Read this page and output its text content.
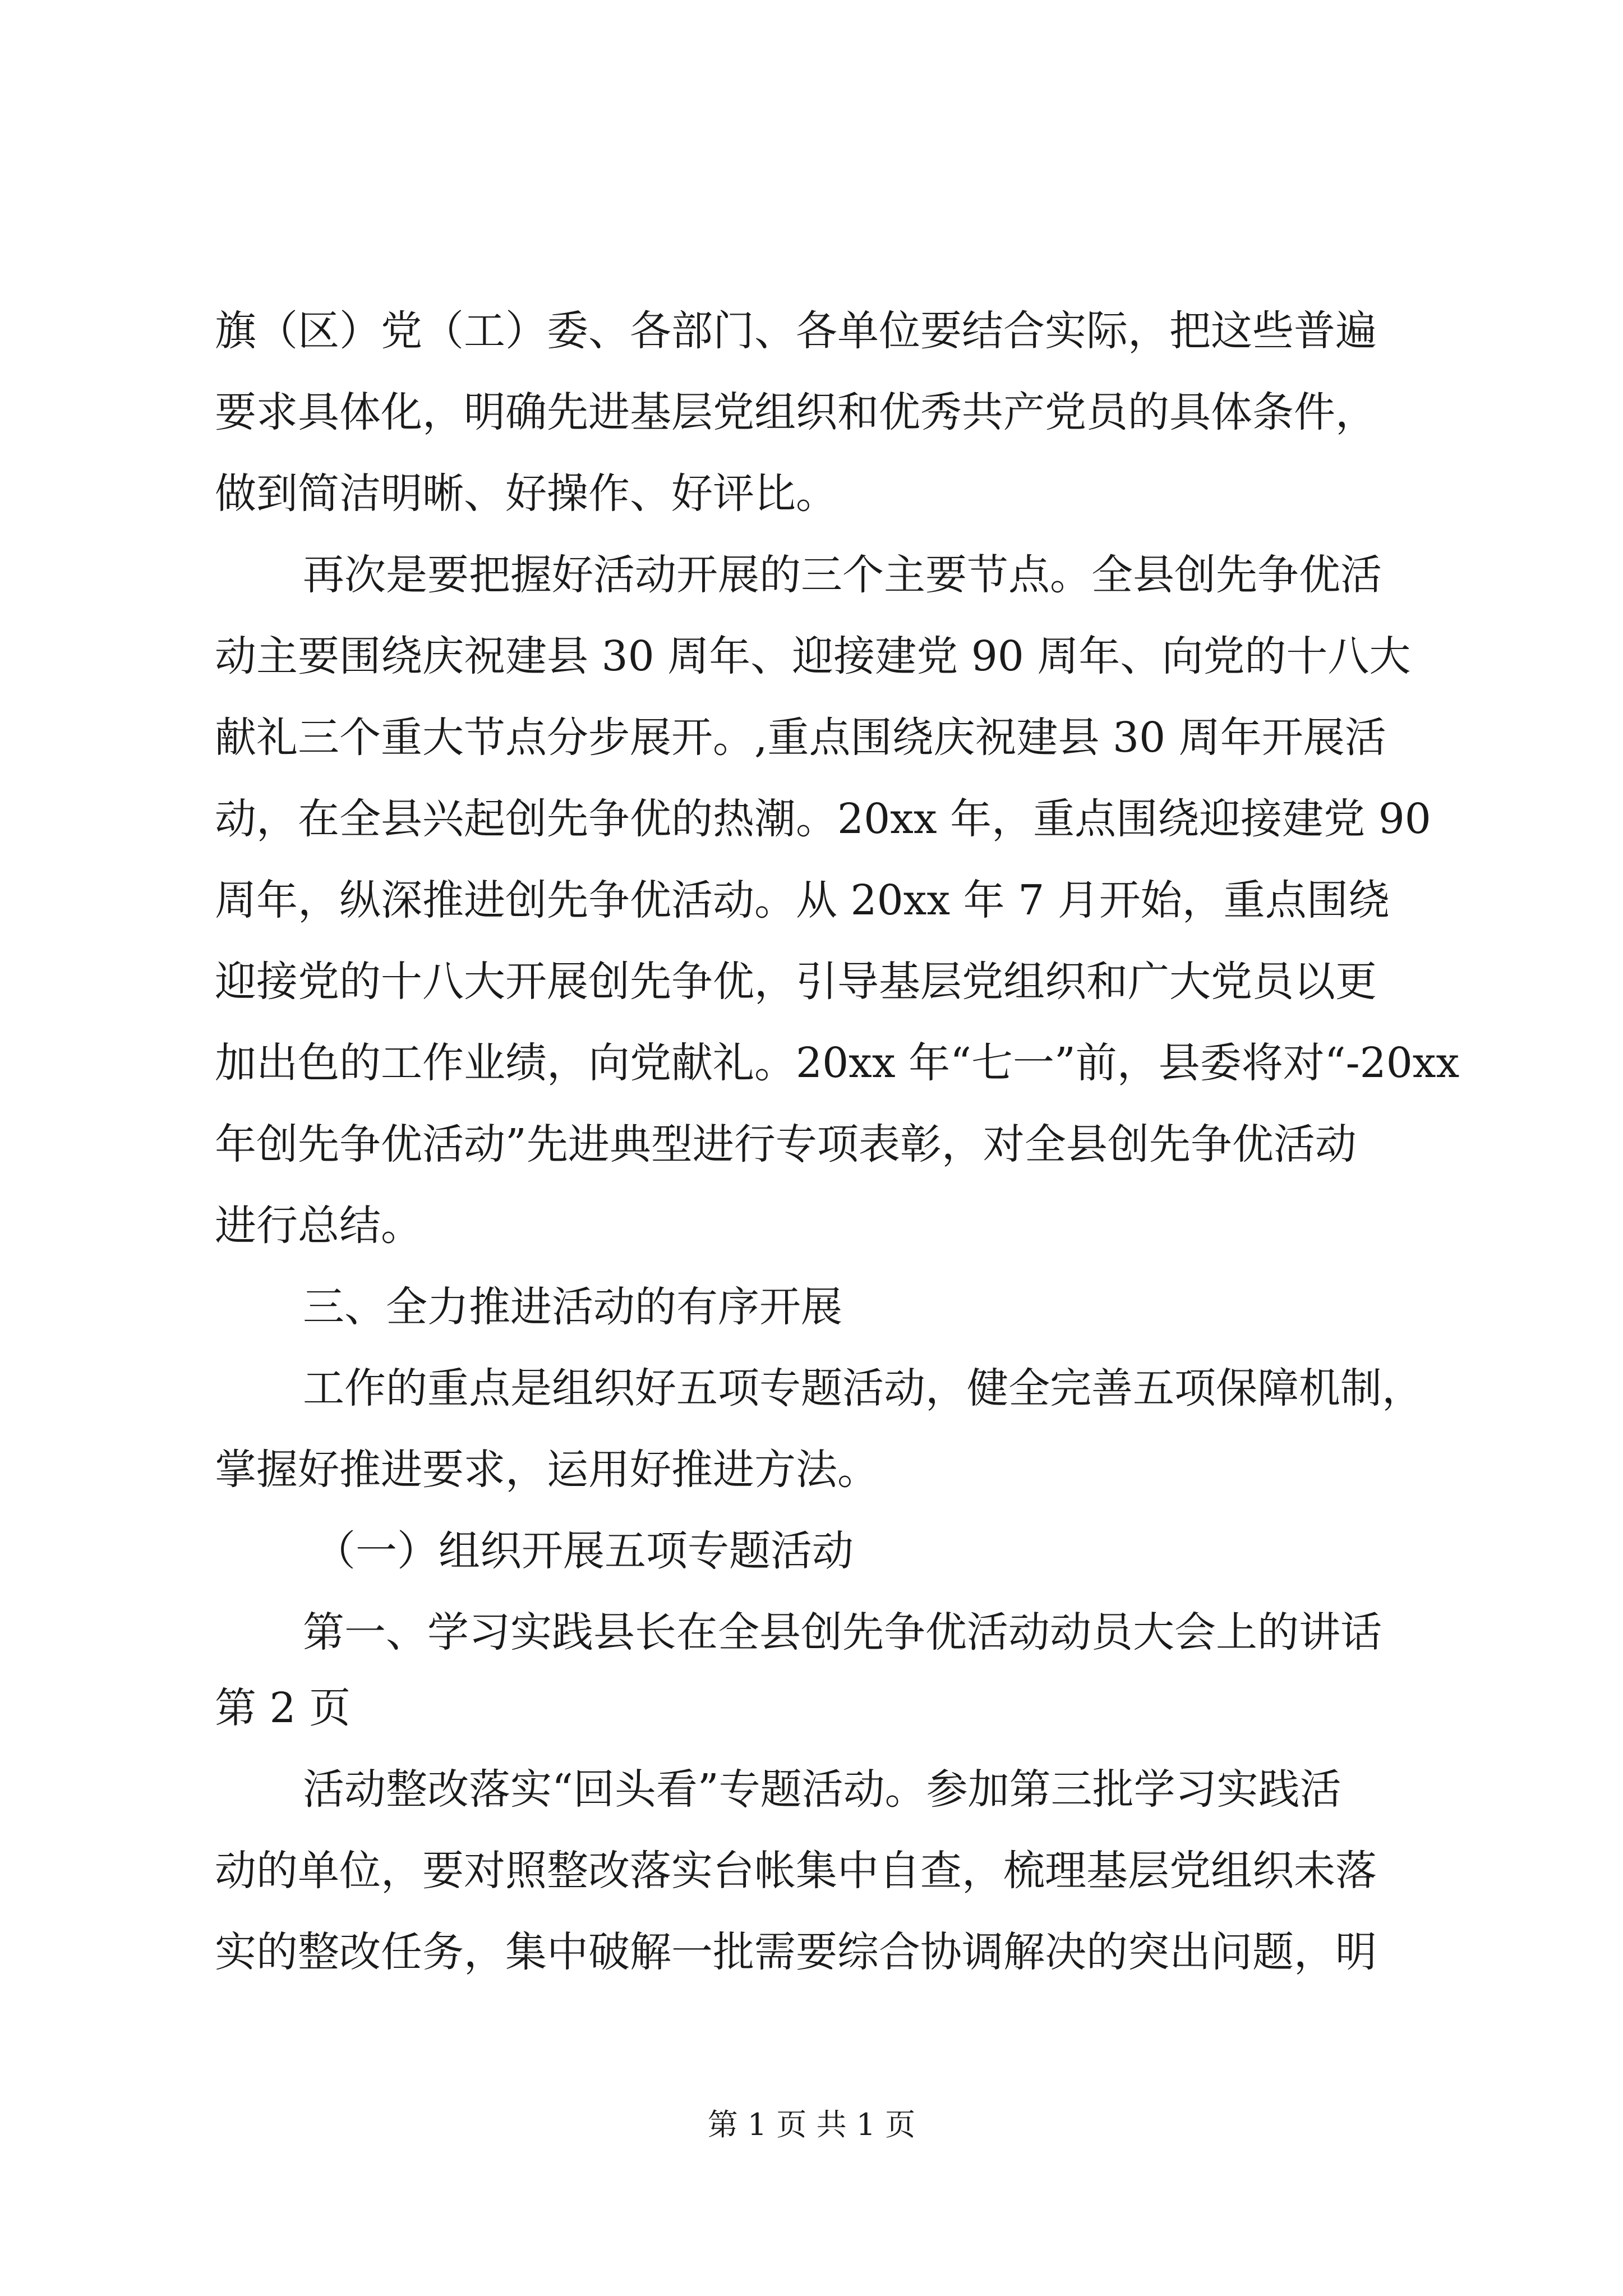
旗（区）党（工）委、各部门、各单位要结合实际，把这些普遍
要求具体化，明确先进基层党组织和优秀共产党员的具体条件，
做到简洁明晰、好操作、好评比。
再次是要把握好活动开展的三个主要节点。全县创先争优活
动主要围绕庆祝建县 30 周年、迎接建党 90 周年、向党的十八大
献礼三个重大节点分步展开。,重点围绕庆祝建县 30 周年开展活
动，在全县兴起创先争优的热潮。20xx 年，重点围绕迎接建党 90
周年，纵深推进创先争优活动。从 20xx 年 7 月开始，重点围绕
迎接党的十八大开展创先争优，引导基层党组织和广大党员以更
加出色的工作业绩，向党献礼。20xx 年“七一”前，县委将对“-20xx
年创先争优活动”先进典型进行专项表彰，对全县创先争优活动
进行总结。
三、全力推进活动的有序开展
工作的重点是组织好五项专题活动，健全完善五项保障机制，
掌握好推进要求，运用好推进方法。
（一）组织开展五项专题活动
第一、学习实践县长在全县创先争优活动动员大会上的讲话
第 2 页
活动整改落实“回头看”专题活动。参加第三批学习实践活
动的单位，要对照整改落实台帐集中自查，梳理基层党组织未落
实的整改任务，集中破解一批需要综合协调解决的突出问题，明
第 1 页 共 1 页
